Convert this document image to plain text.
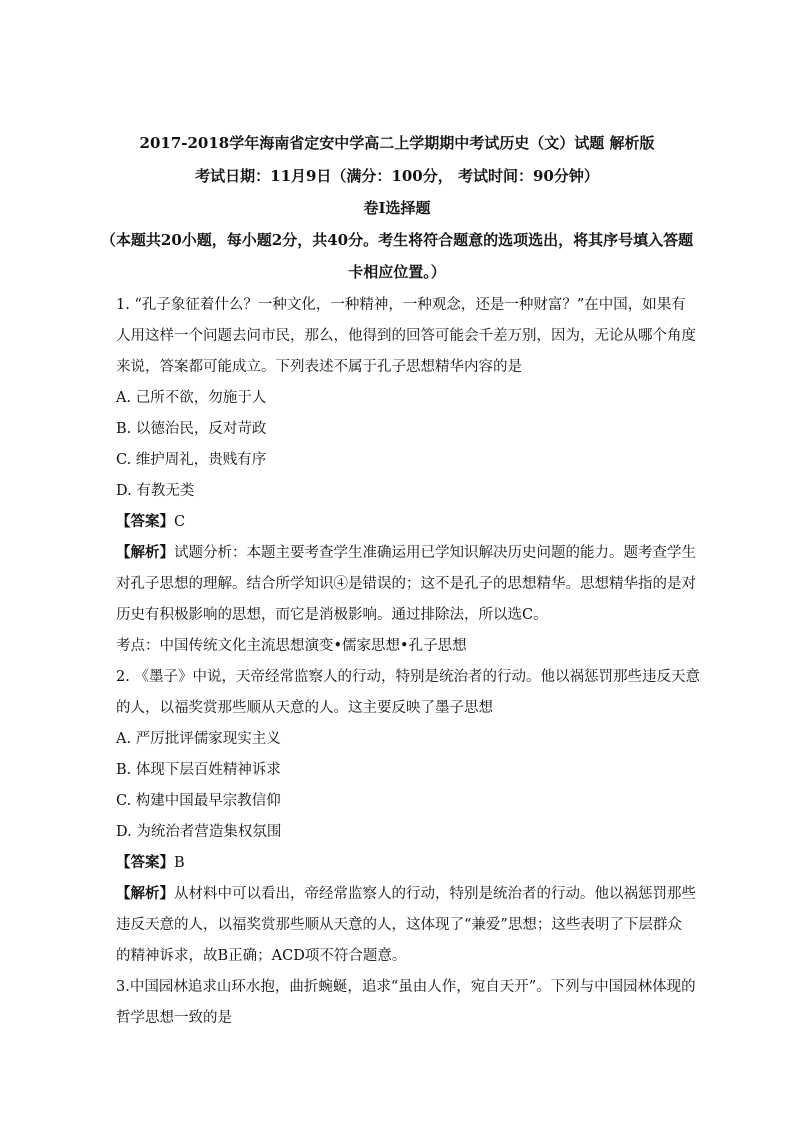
2017-2018学年海南省定安中学高二上学期期中考试历史（文）试题 解析版
考试日期：11月9日（满分：100分， 考试时间：90分钟）
卷Ⅰ选择题
（本题共20小题，每小题2分，共40分。考生将符合题意的选项选出，将其序号填入答题
卡相应位置。）
1. “孔子象征着什么？一种文化，一种精神，一种观念，还是一种财富？”在中国，如果有
人用这样一个问题去问市民，那么，他得到的回答可能会千差万别，因为，无论从哪个角度
来说，答案都可能成立。下列表述不属于孔子思想精华内容的是
A. 己所不欲，勿施于人
B. 以德治民，反对苛政
C. 维护周礼，贵贱有序
D. 有教无类
【答案】C
【解析】试题分析：本题主要考查学生准确运用已学知识解决历史问题的能力。题考查学生
对孔子思想的理解。结合所学知识④是错误的；这不是孔子的思想精华。思想精华指的是对
历史有积极影响的思想，而它是消极影响。通过排除法，所以选C。
考点：中国传统文化主流思想演变•儒家思想•孔子思想
2. 《墨子》中说，天帝经常监察人的行动，特别是统治者的行动。他以祸惩罚那些违反天意
的人，以福奖赏那些顺从天意的人。这主要反映了墨子思想
A. 严厉批评儒家现实主义
B. 体现下层百姓精神诉求
C. 构建中国最早宗教信仰
D. 为统治者营造集权氛围
【答案】B
【解析】从材料中可以看出，帝经常监察人的行动，特别是统治者的行动。他以祸惩罚那些
违反天意的人，以福奖赏那些顺从天意的人，这体现了“兼爱”思想；这些表明了下层群众
的精神诉求，故B正确；ACD项不符合题意。
3.中国园林追求山环水抱，曲折蜿蜒，追求“虽由人作，宛自天开”。下列与中国园林体现的
哲学思想一致的是
